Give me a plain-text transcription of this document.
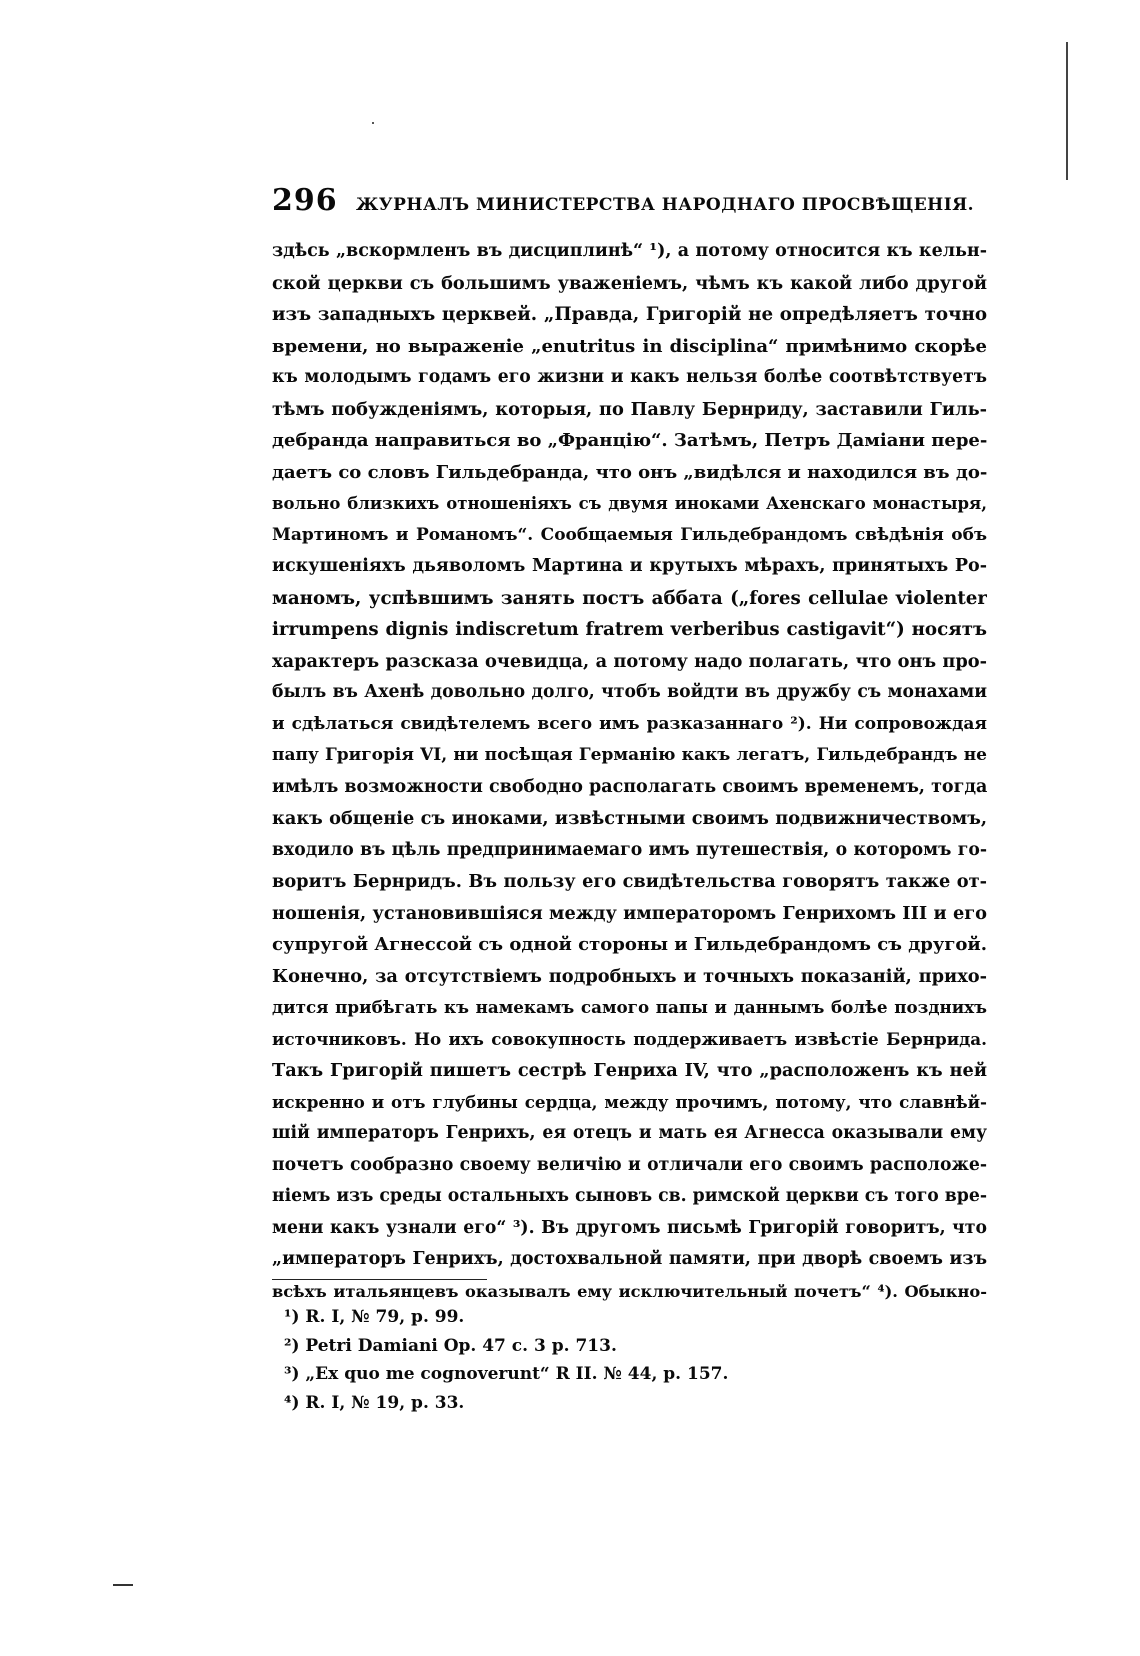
296 ЖУРНАЛЪ МИНИСТЕРСТВА НАРОДНАГО ПРОСВѢЩЕНІЯ.
здѣсь „вскормленъ въ дисциплинѣ“ ¹), а потому относится къ кельн-
ской церкви съ большимъ уваженіемъ, чѣмъ къ какой либо другой
изъ западныхъ церквей. „Правда, Григорій не опредѣляетъ точно
времени, но выраженіе „enutritus in disciplina“ примѣнимо скорѣе
къ молодымъ годамъ его жизни и какъ нельзя болѣе соотвѣтствуетъ
тѣмъ побужденіямъ, которыя, по Павлу Бернриду, заставили Гиль-
дебранда направиться во „Францію“. Затѣмъ, Петръ Даміани пере-
даетъ со словъ Гильдебранда, что онъ „видѣлся и находился въ до-
вольно близкихъ отношеніяхъ съ двумя иноками Ахенскаго монастыря,
Мартиномъ и Романомъ“. Сообщаемыя Гильдебрандомъ свѣдѣнія объ
искушеніяхъ дьяволомъ Мартина и крутыхъ мѣрахъ, принятыхъ Ро-
маномъ, успѣвшимъ занять постъ аббата („fores cellulae violenter
irrumpens dignis indiscretum fratrem verberibus castigavit“) носятъ
характеръ разсказа очевидца, а потому надо полагать, что онъ про-
былъ въ Ахенѣ довольно долго, чтобъ войдти въ дружбу съ монахами
и сдѣлаться свидѣтелемъ всего имъ разказаннаго ²). Ни сопровождая
папу Григорія VI, ни посѣщая Германію какъ легатъ, Гильдебрандъ не
имѣлъ возможности свободно располагать своимъ временемъ, тогда
какъ общеніе съ иноками, извѣстными своимъ подвижничествомъ,
входило въ цѣль предпринимаемаго имъ путешествія, о которомъ го-
воритъ Бернридъ. Въ пользу его свидѣтельства говорятъ также от-
ношенія, установившіяся между императоромъ Генрихомъ III и его
супругой Агнессой съ одной стороны и Гильдебрандомъ съ другой.
Конечно, за отсутствіемъ подробныхъ и точныхъ показаній, прихо-
дится прибѣгать къ намекамъ самого папы и даннымъ болѣе позднихъ
источниковъ. Но ихъ совокупность поддерживаетъ извѣстіе Бернрида.
Такъ Григорій пишетъ сестрѣ Генриха IV, что „расположенъ къ ней
искренно и отъ глубины сердца, между прочимъ, потому, что славнѣй-
шій императоръ Генрихъ, ея отецъ и мать ея Агнесса оказывали ему
почетъ сообразно своему величію и отличали его своимъ расположе-
ніемъ изъ среды остальныхъ сыновъ св. римской церкви съ того вре-
мени какъ узнали его“ ³). Въ другомъ письмѣ Григорій говоритъ, что
„императоръ Генрихъ, достохвальной памяти, при дворѣ своемъ изъ
всѣхъ итальянцевъ оказывалъ ему исключительный почетъ“ ⁴). Обыкно-
¹) R. I, № 79, p. 99.
²) Petri Damiani Op. 47 c. 3 p. 713.
³) „Ex quo me cognoverunt“ R II. № 44, p. 157.
⁴) R. I, № 19, p. 33.
